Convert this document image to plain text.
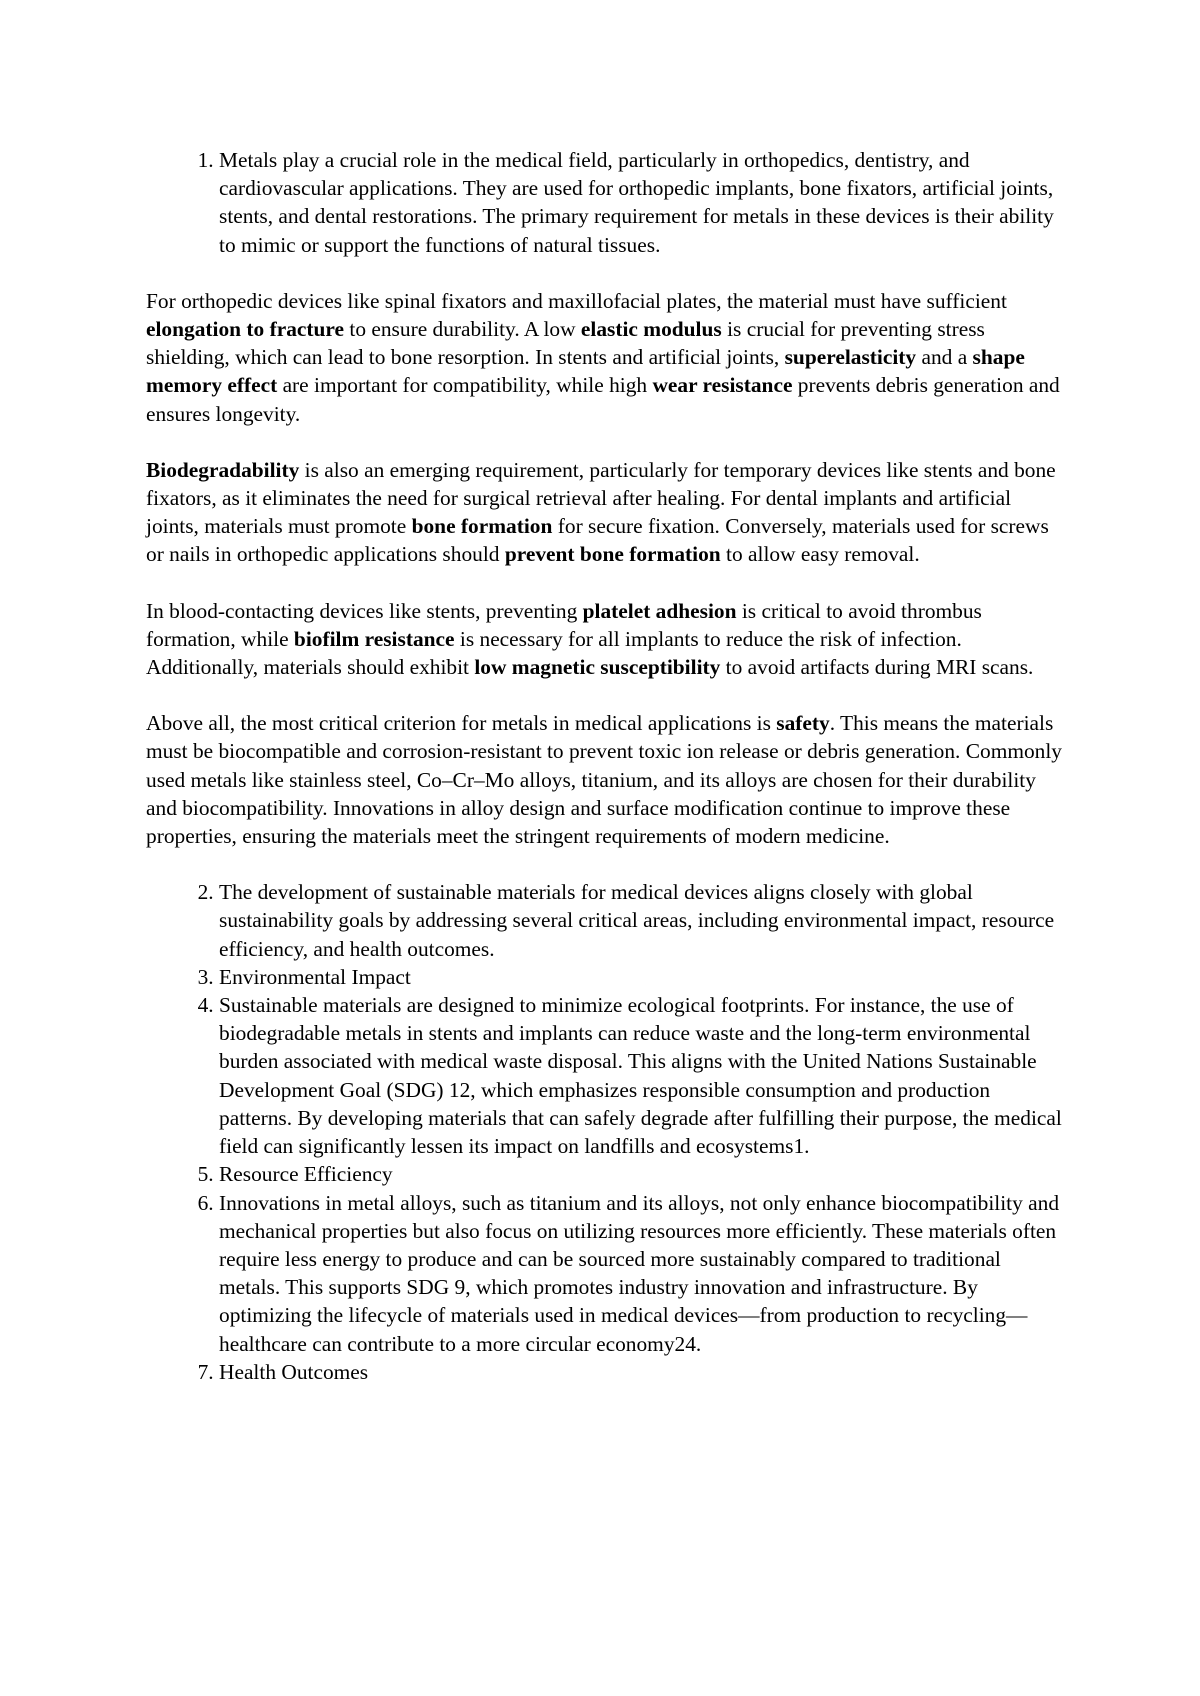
1. Metals play a crucial role in the medical field, particularly in orthopedics, dentistry, and cardiovascular applications. They are used for orthopedic implants, bone fixators, artificial joints, stents, and dental restorations. The primary requirement for metals in these devices is their ability to mimic or support the functions of natural tissues.

For orthopedic devices like spinal fixators and maxillofacial plates, the material must have sufficient elongation to fracture to ensure durability. A low elastic modulus is crucial for preventing stress shielding, which can lead to bone resorption. In stents and artificial joints, superelasticity and a shape memory effect are important for compatibility, while high wear resistance prevents debris generation and ensures longevity.

Biodegradability is also an emerging requirement, particularly for temporary devices like stents and bone fixators, as it eliminates the need for surgical retrieval after healing. For dental implants and artificial joints, materials must promote bone formation for secure fixation. Conversely, materials used for screws or nails in orthopedic applications should prevent bone formation to allow easy removal.

In blood-contacting devices like stents, preventing platelet adhesion is critical to avoid thrombus formation, while biofilm resistance is necessary for all implants to reduce the risk of infection. Additionally, materials should exhibit low magnetic susceptibility to avoid artifacts during MRI scans.

Above all, the most critical criterion for metals in medical applications is safety. This means the materials must be biocompatible and corrosion-resistant to prevent toxic ion release or debris generation. Commonly used metals like stainless steel, Co–Cr–Mo alloys, titanium, and its alloys are chosen for their durability and biocompatibility. Innovations in alloy design and surface modification continue to improve these properties, ensuring the materials meet the stringent requirements of modern medicine.

2. The development of sustainable materials for medical devices aligns closely with global sustainability goals by addressing several critical areas, including environmental impact, resource efficiency, and health outcomes.
3. Environmental Impact
4. Sustainable materials are designed to minimize ecological footprints. For instance, the use of biodegradable metals in stents and implants can reduce waste and the long-term environmental burden associated with medical waste disposal. This aligns with the United Nations Sustainable Development Goal (SDG) 12, which emphasizes responsible consumption and production patterns. By developing materials that can safely degrade after fulfilling their purpose, the medical field can significantly lessen its impact on landfills and ecosystems1.
5. Resource Efficiency
6. Innovations in metal alloys, such as titanium and its alloys, not only enhance biocompatibility and mechanical properties but also focus on utilizing resources more efficiently. These materials often require less energy to produce and can be sourced more sustainably compared to traditional metals. This supports SDG 9, which promotes industry innovation and infrastructure. By optimizing the lifecycle of materials used in medical devices—from production to recycling—healthcare can contribute to a more circular economy24.
7. Health Outcomes
